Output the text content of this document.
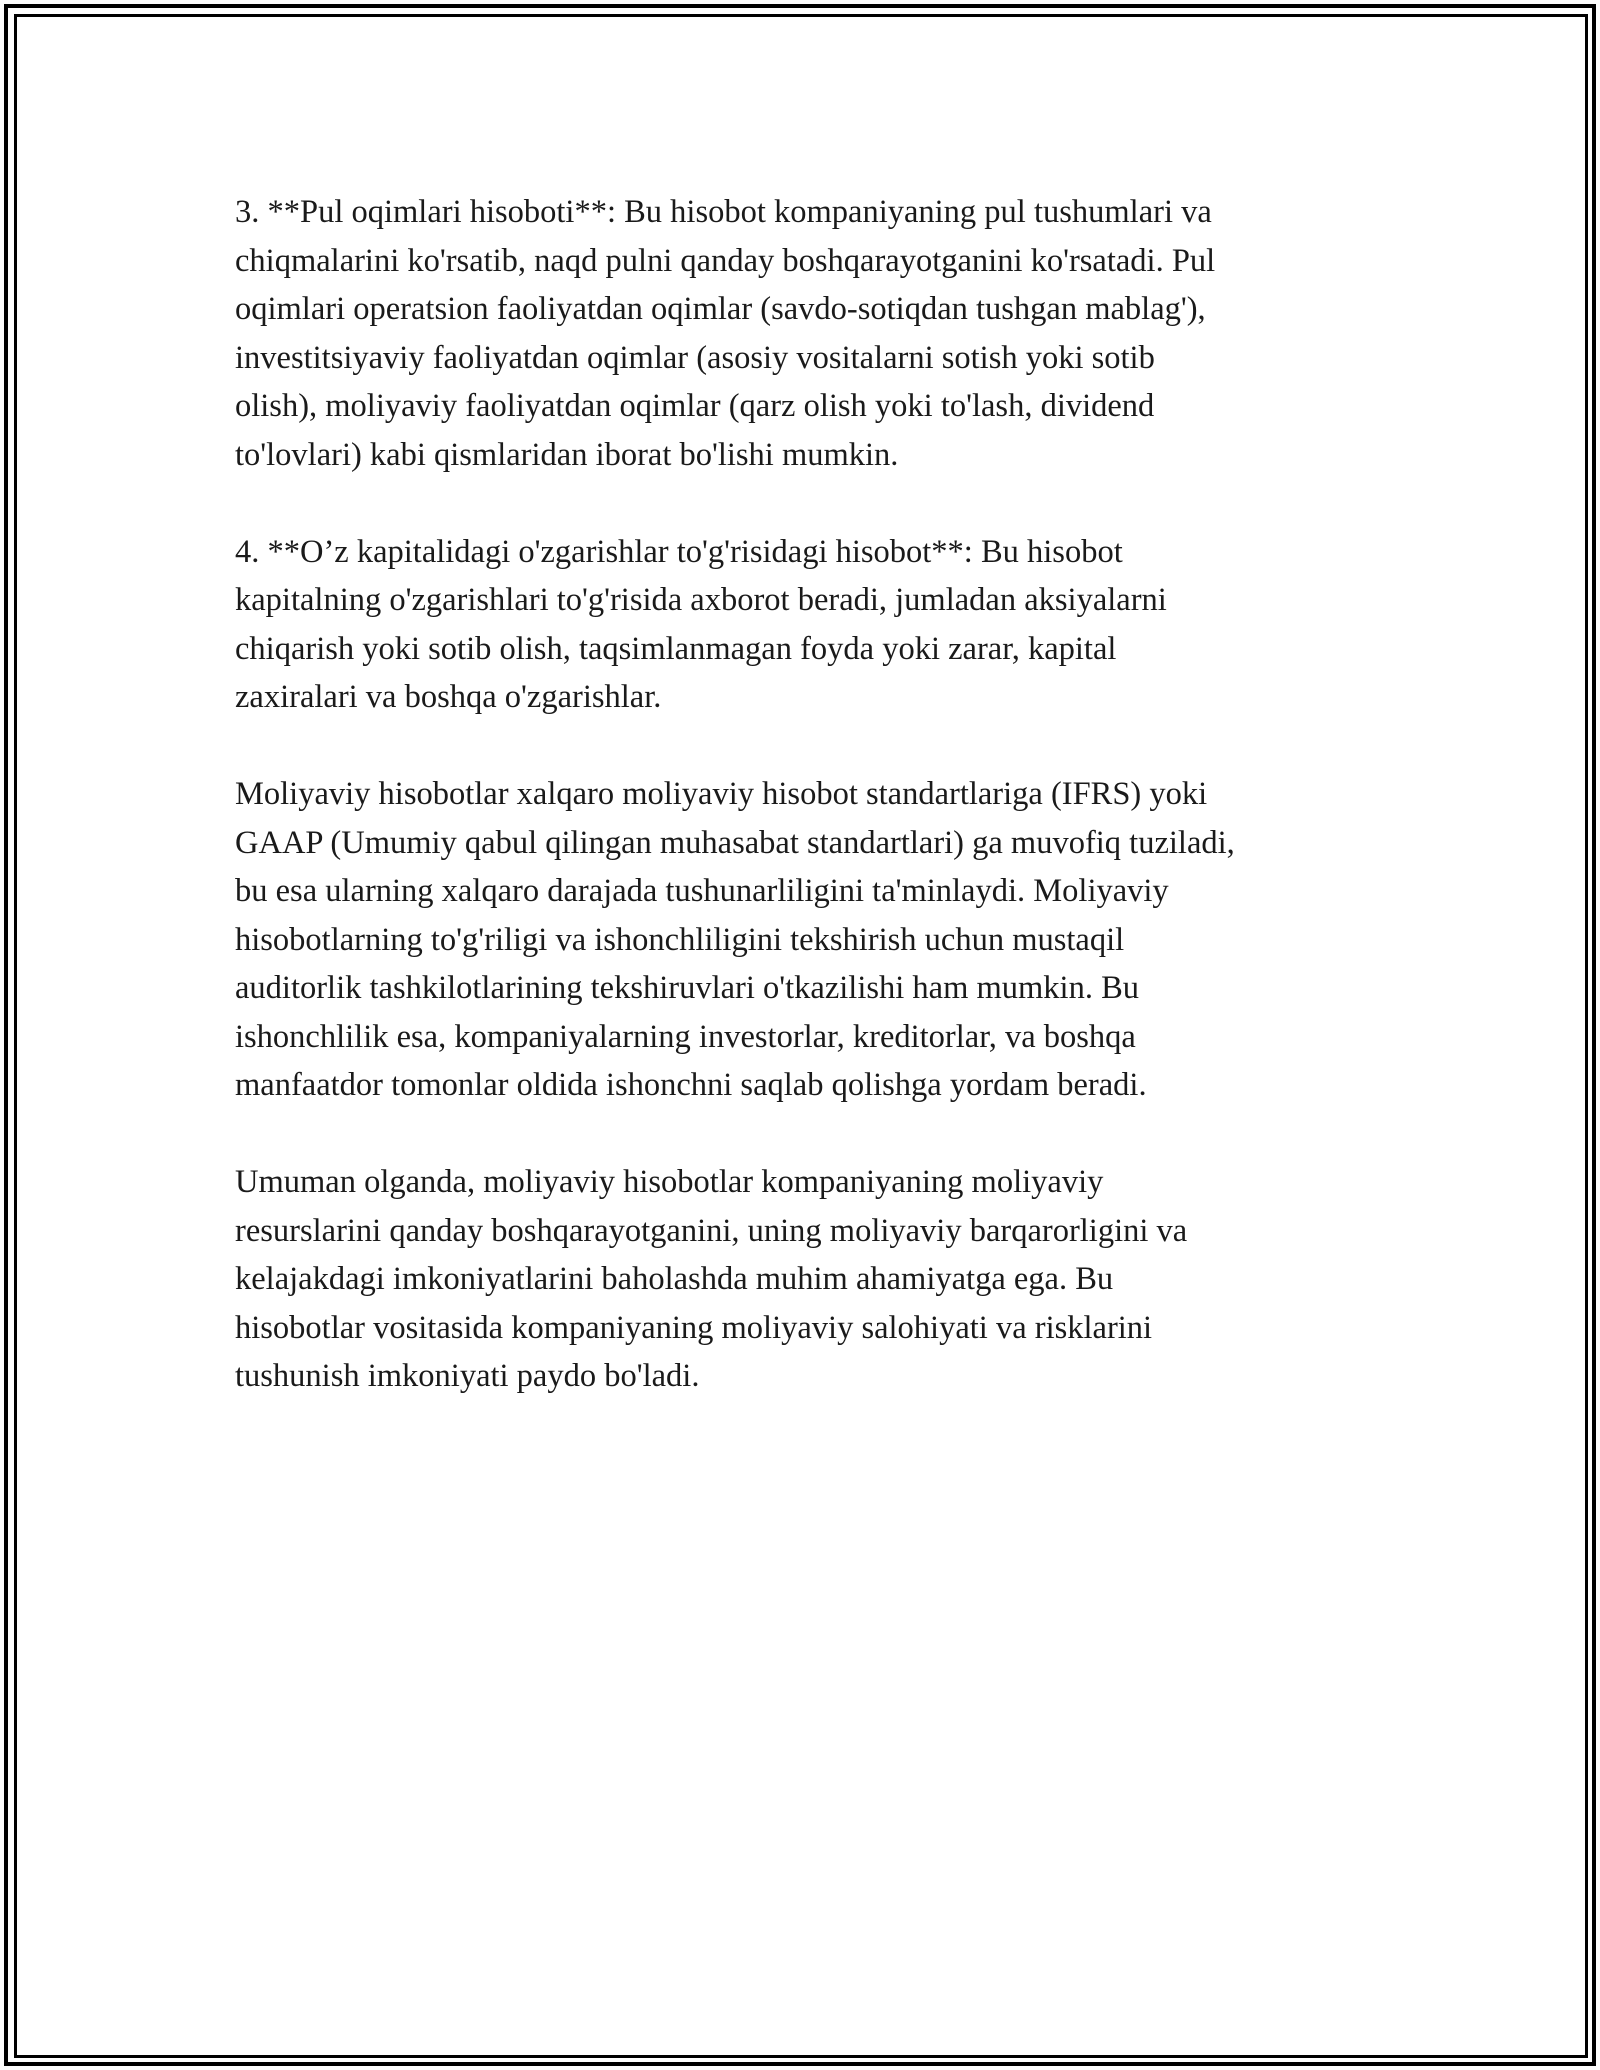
3. **Pul oqimlari hisoboti**: Bu hisobot kompaniyaning pul tushumlari va
chiqmalarini ko'rsatib, naqd pulni qanday boshqarayotganini ko'rsatadi. Pul
oqimlari operatsion faoliyatdan oqimlar (savdo-sotiqdan tushgan mablag'),
investitsiyaviy faoliyatdan oqimlar (asosiy vositalarni sotish yoki sotib
olish), moliyaviy faoliyatdan oqimlar (qarz olish yoki to'lash, dividend
to'lovlari) kabi qismlaridan iborat bo'lishi mumkin.

4. **O’z kapitalidagi o'zgarishlar to'g'risidagi hisobot**: Bu hisobot
kapitalning o'zgarishlari to'g'risida axborot beradi, jumladan aksiyalarni
chiqarish yoki sotib olish, taqsimlanmagan foyda yoki zarar, kapital
zaxiralari va boshqa o'zgarishlar.

Moliyaviy hisobotlar xalqaro moliyaviy hisobot standartlariga (IFRS) yoki
GAAP (Umumiy qabul qilingan muhasabat standartlari) ga muvofiq tuziladi,
bu esa ularning xalqaro darajada tushunarliligini ta'minlaydi. Moliyaviy
hisobotlarning to'g'riligi va ishonchliligini tekshirish uchun mustaqil
auditorlik tashkilotlarining tekshiruvlari o'tkazilishi ham mumkin. Bu
ishonchlilik esa, kompaniyalarning investorlar, kreditorlar, va boshqa
manfaatdor tomonlar oldida ishonchni saqlab qolishga yordam beradi.

Umuman olganda, moliyaviy hisobotlar kompaniyaning moliyaviy
resurslarini qanday boshqarayotganini, uning moliyaviy barqarorligini va
kelajakdagi imkoniyatlarini baholashda muhim ahamiyatga ega. Bu
hisobotlar vositasida kompaniyaning moliyaviy salohiyati va risklarini
tushunish imkoniyati paydo bo'ladi.
